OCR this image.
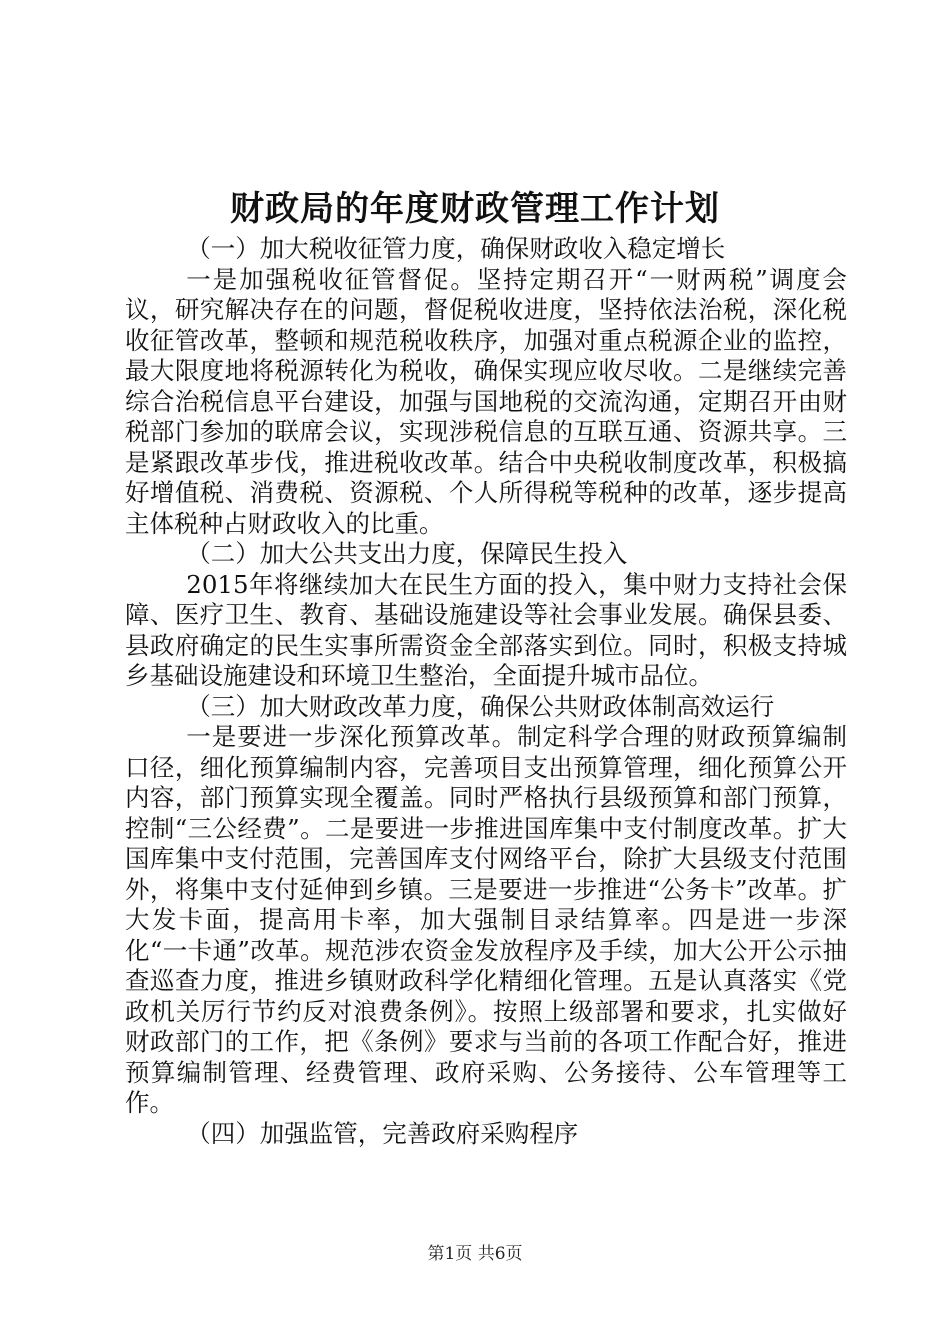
财政局的年度财政管理工作计划

（一）加大税收征管力度，确保财政收入稳定增长

一是加强税收征管督促。坚持定期召开“一财两税”调度会议，研究解决存在的问题，督促税收进度，坚持依法治税，深化税收征管改革，整顿和规范税收秩序，加强对重点税源企业的监控，最大限度地将税源转化为税收，确保实现应收尽收。二是继续完善综合治税信息平台建设，加强与国地税的交流沟通，定期召开由财税部门参加的联席会议，实现涉税信息的互联互通、资源共享。三是紧跟改革步伐，推进税收改革。结合中央税收制度改革，积极搞好增值税、消费税、资源税、个人所得税等税种的改革，逐步提高主体税种占财政收入的比重。

（二）加大公共支出力度，保障民生投入

2015年将继续加大在民生方面的投入，集中财力支持社会保障、医疗卫生、教育、基础设施建设等社会事业发展。确保县委、县政府确定的民生实事所需资金全部落实到位。同时，积极支持城乡基础设施建设和环境卫生整治，全面提升城市品位。

（三）加大财政改革力度，确保公共财政体制高效运行

一是要进一步深化预算改革。制定科学合理的财政预算编制口径，细化预算编制内容，完善项目支出预算管理，细化预算公开内容，部门预算实现全覆盖。同时严格执行县级预算和部门预算，控制“三公经费”。二是要进一步推进国库集中支付制度改革。扩大国库集中支付范围，完善国库支付网络平台，除扩大县级支付范围外，将集中支付延伸到乡镇。三是要进一步推进“公务卡”改革。扩大发卡面，提高用卡率，加大强制目录结算率。四是进一步深化“一卡通”改革。规范涉农资金发放程序及手续，加大公开公示抽查巡查力度，推进乡镇财政科学化精细化管理。五是认真落实《党政机关厉行节约反对浪费条例》。按照上级部署和要求，扎实做好财政部门的工作，把《条例》要求与当前的各项工作配合好，推进预算编制管理、经费管理、政府采购、公务接待、公车管理等工作。

（四）加强监管，完善政府采购程序

第1页 共6页
